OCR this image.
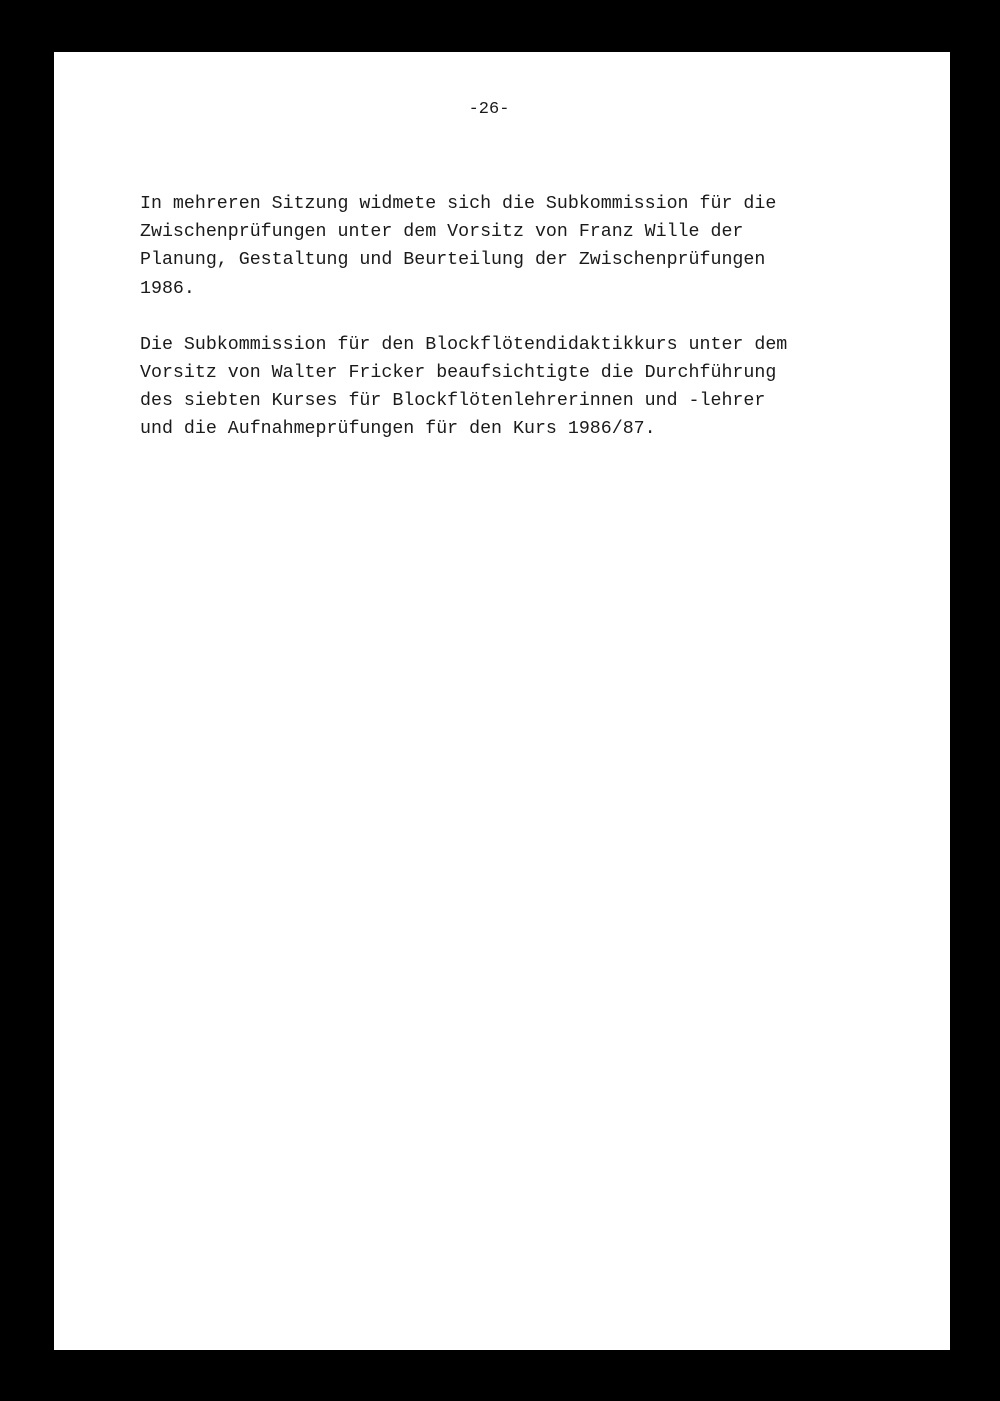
-26-

In mehreren Sitzung widmete sich die Subkommission für die
Zwischenprüfungen unter dem Vorsitz von Franz Wille der
Planung, Gestaltung und Beurteilung der Zwischenprüfungen
1986.

Die Subkommission für den Blockflötendidaktikkurs unter dem
Vorsitz von Walter Fricker beaufsichtigte die Durchführung
des siebten Kurses für Blockflötenlehrerinnen und -lehrer
und die Aufnahmeprüfungen für den Kurs 1986/87.
